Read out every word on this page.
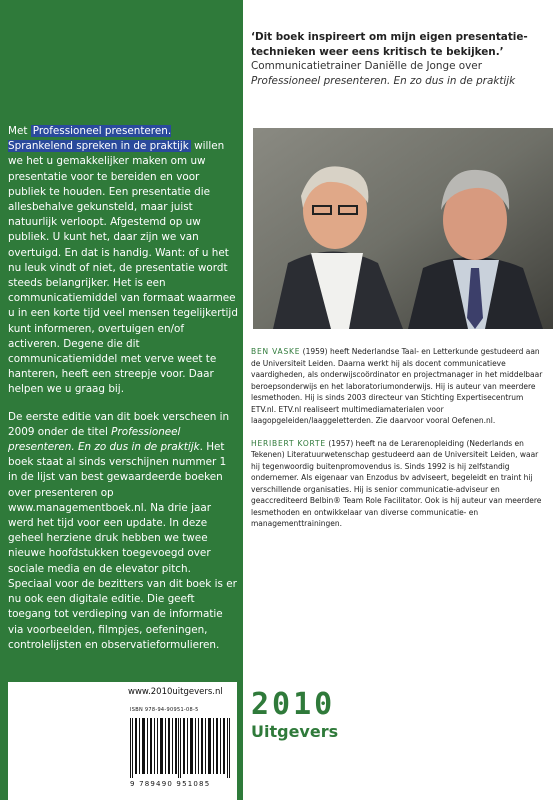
Met Professioneel presenteren. Sprankelend spreken in de praktijk willen we het u gemakkelijker maken om uw presentatie voor te bereiden en voor publiek te houden. Een presentatie die allesbehalve gekunsteld, maar juist natuurlijk verloopt. Afgestemd op uw publiek. U kunt het, daar zijn we van overtuigd. En dat is handig. Want: of u het nu leuk vindt of niet, de presentatie wordt steeds belangrijker. Het is een communicatiemiddel van formaat waarmee u in een korte tijd veel mensen tegelijkertijd kunt informeren, overtuigen en/of activeren. Degene die dit communicatiemiddel met verve weet te hanteren, heeft een streepje voor. Daar helpen we u graag bij.

De eerste editie van dit boek verscheen in 2009 onder de titel Professioneel presenteren. En zo dus in de praktijk. Het boek staat al sinds verschijnen nummer 1 in de lijst van best gewaardeerde boeken over presenteren op www.managementboek.nl. Na drie jaar werd het tijd voor een update. In deze geheel herziene druk hebben we twee nieuwe hoofdstukken toegevoegd over sociale media en de elevator pitch. Speciaal voor de bezitters van dit boek is er nu ook een digitale editie. Die geeft toegang tot verdieping van de informatie via voorbeelden, filmpjes, oefeningen, controlelijsten en observatieformulieren.

www.2010uitgevers.nl
ISBN 978-94-90951-08-5
9 789490 951085
‘Dit boek inspireert om mijn eigen presentatie-technieken weer eens kritisch te bekijken.’
Communicatietrainer Daniëlle de Jonge over
Professioneel presenteren. En zo dus in de praktijk

BEN VASKE (1959) heeft Nederlandse Taal- en Letterkunde gestudeerd aan de Universiteit Leiden. Daarna werkt hij als docent communicatieve vaardigheden, als onderwijscoördinator en projectmanager in het middelbaar beroepsonderwijs en het laboratoriumonderwijs. Hij is auteur van meerdere lesmethoden. Hij is sinds 2003 directeur van Stichting Expertisecentrum ETV.nl. ETV.nl realiseert multimediamaterialen voor laagopgeleiden/laaggeletterden. Zie daarvoor vooral Oefenen.nl.

HERIBERT KORTE (1957) heeft na de Lerarenopleiding (Nederlands en Tekenen) Literatuurwetenschap gestudeerd aan de Universiteit Leiden, waar hij tegenwoordig buitenpromovendus is. Sinds 1992 is hij zelfstandig ondernemer. Als eigenaar van Enzodus bv adviseert, begeleidt en traint hij verschillende organisaties. Hij is senior communicatie-adviseur en geaccrediteerd Belbin® Team Role Facilitator. Ook is hij auteur van meerdere lesmethoden en ontwikkelaar van diverse communicatie- en managementtrainingen.

2010
Uitgevers
